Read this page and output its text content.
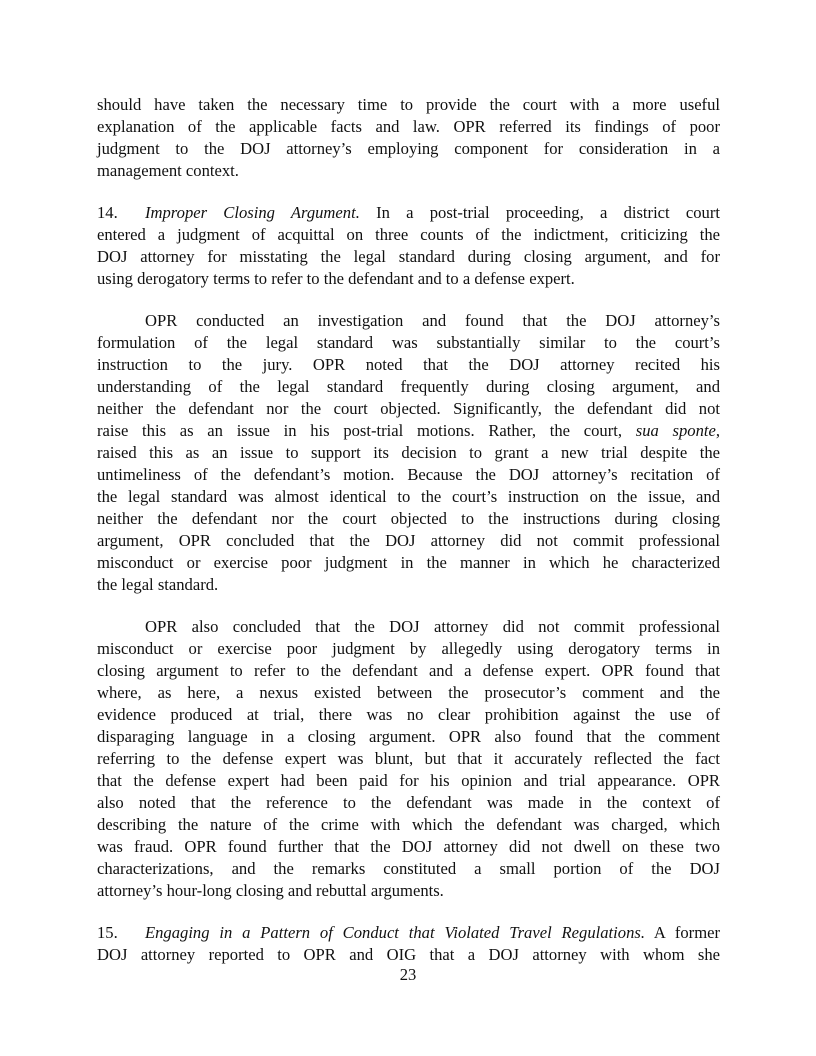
should have taken the necessary time to provide the court with a more useful
explanation of the applicable facts and law. OPR referred its findings of poor
judgment to the DOJ attorney’s employing component for consideration in a
management context.
14. Improper Closing Argument. In a post-trial proceeding, a district court
entered a judgment of acquittal on three counts of the indictment, criticizing the
DOJ attorney for misstating the legal standard during closing argument, and for
using derogatory terms to refer to the defendant and to a defense expert.
OPR conducted an investigation and found that the DOJ attorney’s
formulation of the legal standard was substantially similar to the court’s
instruction to the jury. OPR noted that the DOJ attorney recited his
understanding of the legal standard frequently during closing argument, and
neither the defendant nor the court objected. Significantly, the defendant did not
raise this as an issue in his post-trial motions. Rather, the court, sua sponte,
raised this as an issue to support its decision to grant a new trial despite the
untimeliness of the defendant’s motion. Because the DOJ attorney’s recitation of
the legal standard was almost identical to the court’s instruction on the issue, and
neither the defendant nor the court objected to the instructions during closing
argument, OPR concluded that the DOJ attorney did not commit professional
misconduct or exercise poor judgment in the manner in which he characterized
the legal standard.
OPR also concluded that the DOJ attorney did not commit professional
misconduct or exercise poor judgment by allegedly using derogatory terms in
closing argument to refer to the defendant and a defense expert. OPR found that
where, as here, a nexus existed between the prosecutor’s comment and the
evidence produced at trial, there was no clear prohibition against the use of
disparaging language in a closing argument. OPR also found that the comment
referring to the defense expert was blunt, but that it accurately reflected the fact
that the defense expert had been paid for his opinion and trial appearance. OPR
also noted that the reference to the defendant was made in the context of
describing the nature of the crime with which the defendant was charged, which
was fraud. OPR found further that the DOJ attorney did not dwell on these two
characterizations, and the remarks constituted a small portion of the DOJ
attorney’s hour-long closing and rebuttal arguments.
15. Engaging in a Pattern of Conduct that Violated Travel Regulations. A former
DOJ attorney reported to OPR and OIG that a DOJ attorney with whom she
23
